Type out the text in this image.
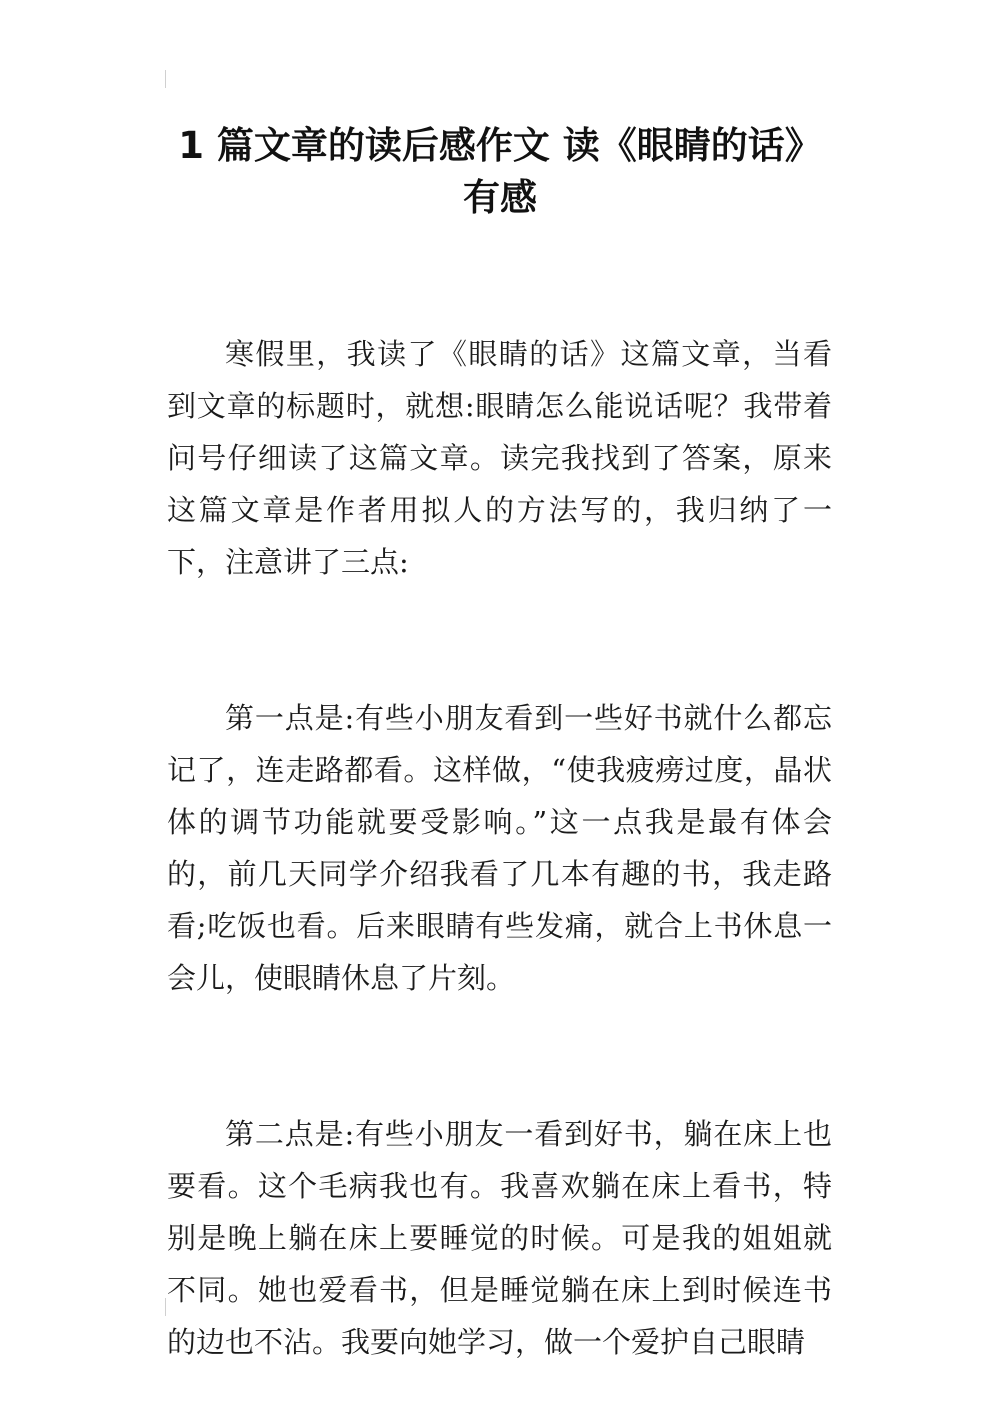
1 篇文章的读后感作文 读《眼睛的话》
有感

寒假里，我读了《眼睛的话》这篇文章，当看到文章的标题时，就想:眼睛怎么能说话呢？我带着问号仔细读了这篇文章。读完我找到了答案，原来这篇文章是作者用拟人的方法写的，我归纳了一下，注意讲了三点:

第一点是:有些小朋友看到一些好书就什么都忘记了，连走路都看。这样做，“使我疲痨过度，晶状体的调节功能就要受影响。”这一点我是最有体会的，前几天同学介绍我看了几本有趣的书，我走路看;吃饭也看。后来眼睛有些发痛，就合上书休息一会儿，使眼睛休息了片刻。

第二点是:有些小朋友一看到好书，躺在床上也要看。这个毛病我也有。我喜欢躺在床上看书，特别是晚上躺在床上要睡觉的时候。可是我的姐姐就不同。她也爱看书，但是睡觉躺在床上到时候连书的边也不沾。我要向她学习，做一个爱护自己眼睛
